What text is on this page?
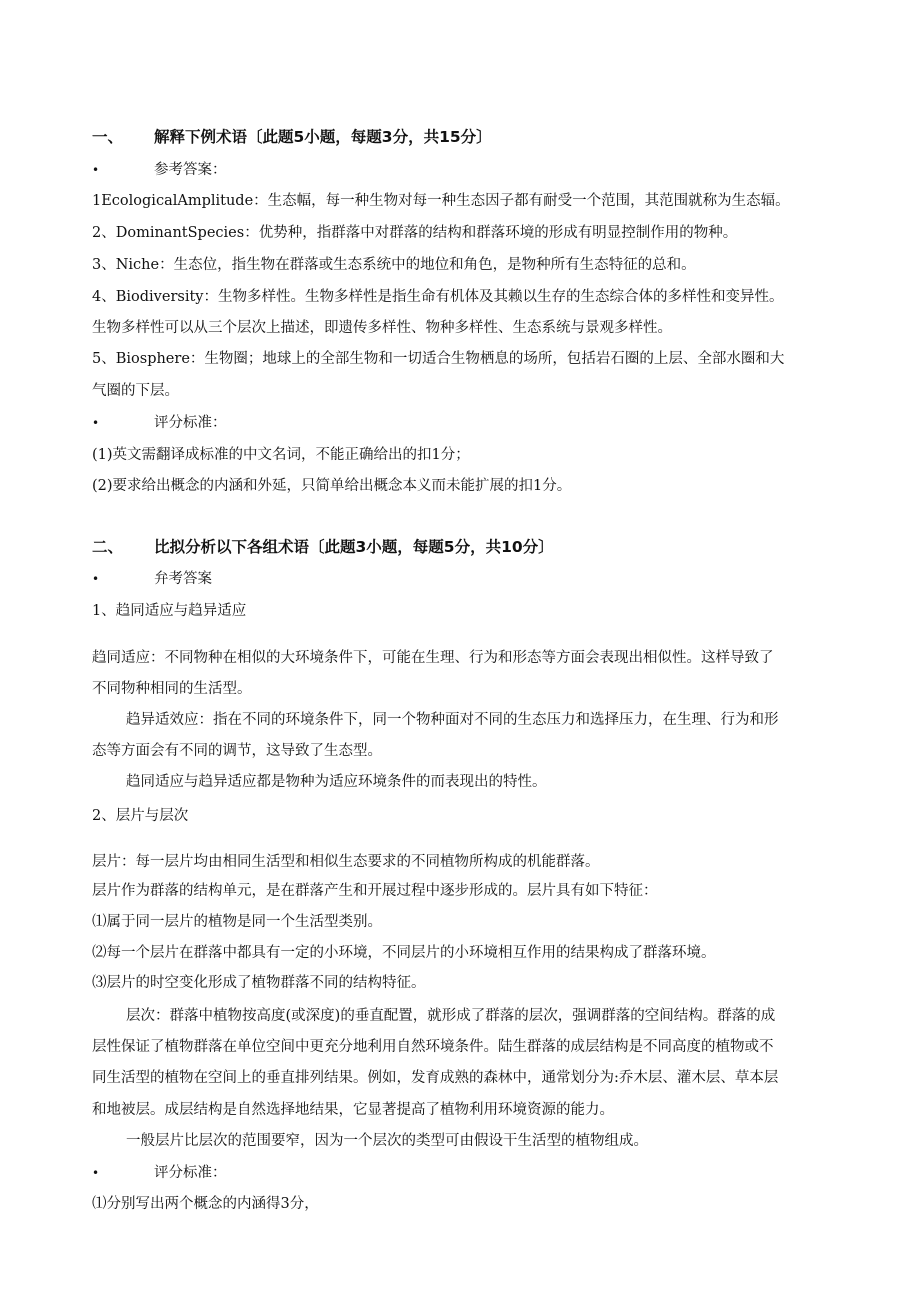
一、 解释下例术语〔此题5小题，每题3分，共15分〕
•	参考答案：
1EcologicalAmplitude：生态幅，每一种生物对每一种生态因子都有耐受一个范围，其范围就称为生态辐。
2、DominantSpecies：优势种，指群落中对群落的结构和群落环境的形成有明显控制作用的物种。
3、Niche：生态位，指生物在群落或生态系统中的地位和角色，是物种所有生态特征的总和。
4、Biodiversity：生物多样性。生物多样性是指生命有机体及其赖以生存的生态综合体的多样性和变异性。
生物多样性可以从三个层次上描述，即遗传多样性、物种多样性、生态系统与景观多样性。
5、Biosphere：生物圈；地球上的全部生物和一切适合生物栖息的场所，包括岩石圈的上层、全部水圈和大
气圈的下层。
•	评分标准：
(1)英文需翻译成标准的中文名词，不能正确给出的扣1分；
(2)要求给出概念的内涵和外延，只简单给出概念本义而未能扩展的扣1分。
二、 比拟分析以下各组术语〔此题3小题，每题5分，共10分〕
•	弁考答案
1、趋同适应与趋异适应
趋同适应：不同物种在相似的大环境条件下，可能在生理、行为和形态等方面会表现出相似性。这样导致了
不同物种相同的生活型。
趋异适效应：指在不同的环境条件下，同一个物种面对不同的生态压力和选择压力，在生理、行为和形
态等方面会有不同的调节，这导致了生态型。
趋同适应与趋异适应都是物种为适应环境条件的而表现出的特性。
2、层片与层次
层片：每一层片均由相同生活型和相似生态要求的不同植物所构成的机能群落。
层片作为群落的结构单元，是在群落产生和开展过程中逐步形成的。层片具有如下特征：
⑴属于同一层片的植物是同一个生活型类别。
⑵每一个层片在群落中都具有一定的小环境，不同层片的小环境相互作用的结果构成了群落环境。
⑶层片的时空变化形成了植物群落不同的结构特征。
层次：群落中植物按高度(或深度)的垂直配置，就形成了群落的层次，强调群落的空间结构。群落的成
层性保证了植物群落在单位空间中更充分地利用自然环境条件。陆生群落的成层结构是不同高度的植物或不
同生活型的植物在空间上的垂直排列结果。例如，发育成熟的森林中，通常划分为:乔木层、灌木层、草本层
和地被层。成层结构是自然选择地结果，它显著提高了植物利用环境资源的能力。
一般层片比层次的范围要窄，因为一个层次的类型可由假设干生活型的植物组成。
•	评分标准：
⑴分别写出两个概念的内涵得3分，
